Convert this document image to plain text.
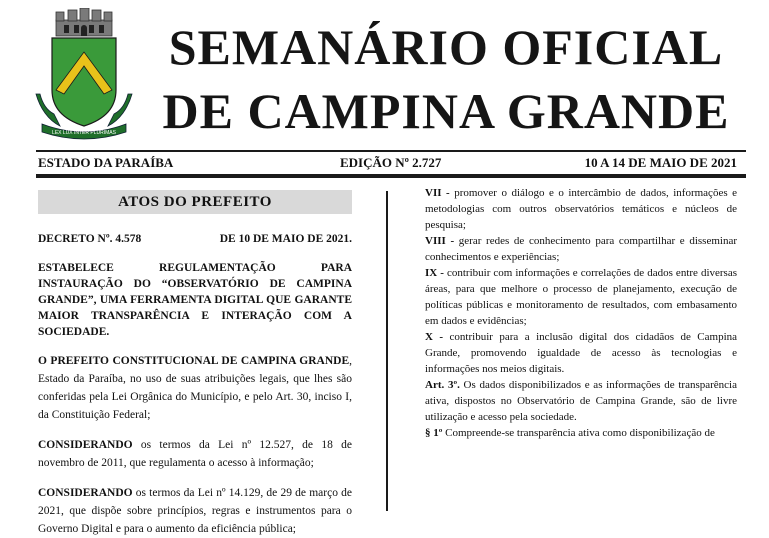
LEX LUX INTER PLURIMAS
SEMANÁRIO OFICIAL
DE CAMPINA GRANDE
ESTADO DA PARAÍBA	EDIÇÃO Nº 2.727	10 A 14 DE MAIO DE 2021
ATOS DO PREFEITO
DECRETO Nº. 4.578	DE 10 DE MAIO DE 2021.
ESTABELECE REGULAMENTAÇÃO PARA INSTAURAÇÃO DO “OBSERVATÓRIO DE CAMPINA GRANDE”, UMA FERRAMENTA DIGITAL QUE GARANTE MAIOR TRANSPARÊNCIA E INTERAÇÃO COM A SOCIEDADE.

O PREFEITO CONSTITUCIONAL DE CAMPINA GRANDE, Estado da Paraíba, no uso de suas atribuições legais, que lhes são conferidas pela Lei Orgânica do Município, e pelo Art. 30, inciso I, da Constituição Federal;

CONSIDERANDO os termos da Lei nº 12.527, de 18 de novembro de 2011, que regulamenta o acesso à informação;

CONSIDERANDO os termos da Lei nº 14.129, de 29 de março de 2021, que dispõe sobre princípios, regras e instrumentos para o Governo Digital e para o aumento da eficiência pública;

VII - promover o diálogo e o intercâmbio de dados, informações e metodologias com outros observatórios temáticos e núcleos de pesquisa;

VIII - gerar redes de conhecimento para compartilhar e disseminar conhecimentos e experiências;

IX - contribuir com informações e correlações de dados entre diversas áreas, para que melhore o processo de planejamento, execução de políticas públicas e monitoramento de resultados, com embasamento em dados e evidências;

X - contribuir para a inclusão digital dos cidadãos de Campina Grande, promovendo igualdade de acesso às tecnologias e informações nos meios digitais.

Art. 3º. Os dados disponibilizados e as informações de transparência ativa, dispostos no Observatório de Campina Grande, são de livre utilização e acesso pela sociedade.

§ 1º Compreende-se transparência ativa como disponibilização de
